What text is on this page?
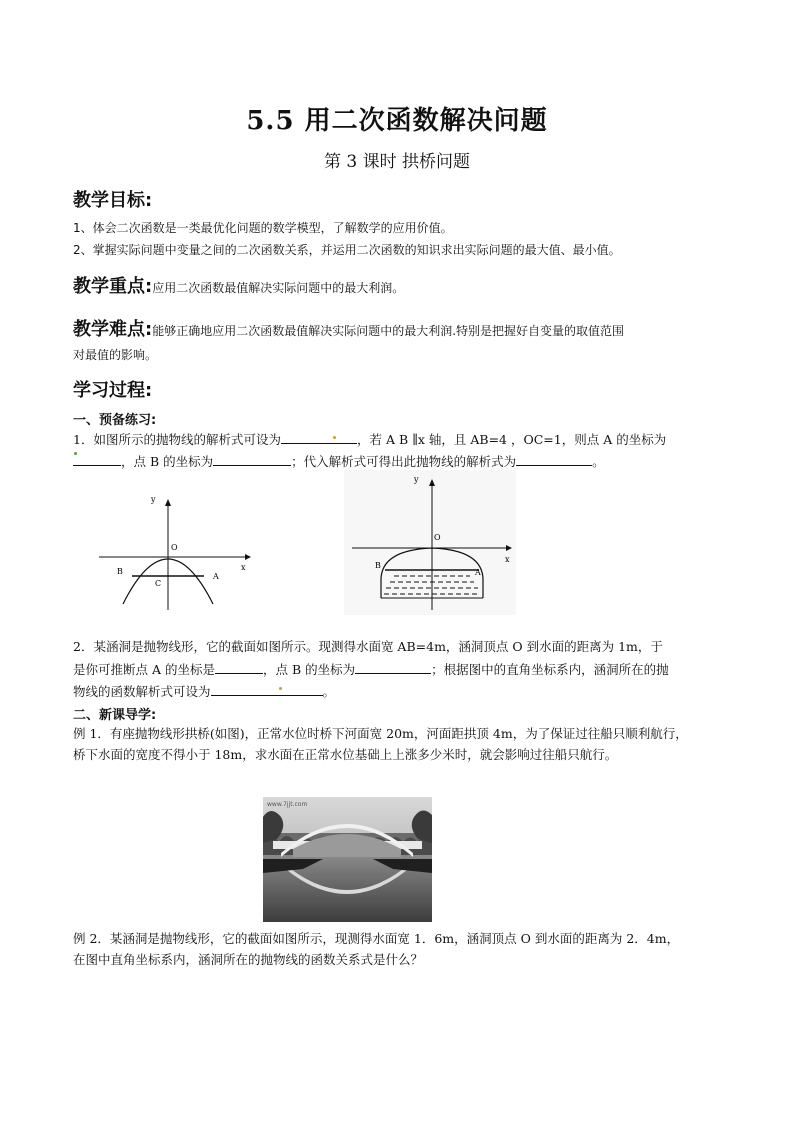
5.5 用二次函数解决问题
第 3 课时 拱桥问题
教学目标:
1、体会二次函数是一类最优化问题的数学模型，了解数学的应用价值。
2、掌握实际问题中变量之间的二次函数关系，并运用二次函数的知识求出实际问题的最大值、最小值。
教学重点:应用二次函数最值解决实际问题中的最大利润。
教学难点:能够正确地应用二次函数最值解决实际问题中的最大利润.特别是把握好自变量的取值范围
对最值的影响。
学习过程:
一、预备练习:
1．如图所示的抛物线的解析式可设为	，若 A B ∥x 轴，且 AB=4 ，OC=1，则点 A 的坐标为
，点 B 的坐标为	；代入解析式可得出此抛物线的解析式为	。
y
x
O
B
A
C
y
x
O
B
A
2．某涵洞是抛物线形，它的截面如图所示。现测得水面宽 AB=4m，涵洞顶点 O 到水面的距离为 1m，于
是你可推断点 A 的坐标是	，点 B 的坐标为	；根据图中的直角坐标系内，涵洞所在的抛
物线的函数解析式可设为	。
二、新课导学:
例 1．有座抛物线形拱桥(如图)，正常水位时桥下河面宽 20m，河面距拱顶 4m，为了保证过往船只顺利航行，
桥下水面的宽度不得小于 18m，求水面在正常水位基础上上涨多少米时，就会影响过往船只航行。
www.7jjt.com
例 2．某涵洞是抛物线形，它的截面如图所示，现测得水面宽 1．6m，涵洞顶点 O 到水面的距离为 2．4m，
在图中直角坐标系内，涵洞所在的抛物线的函数关系式是什么？
